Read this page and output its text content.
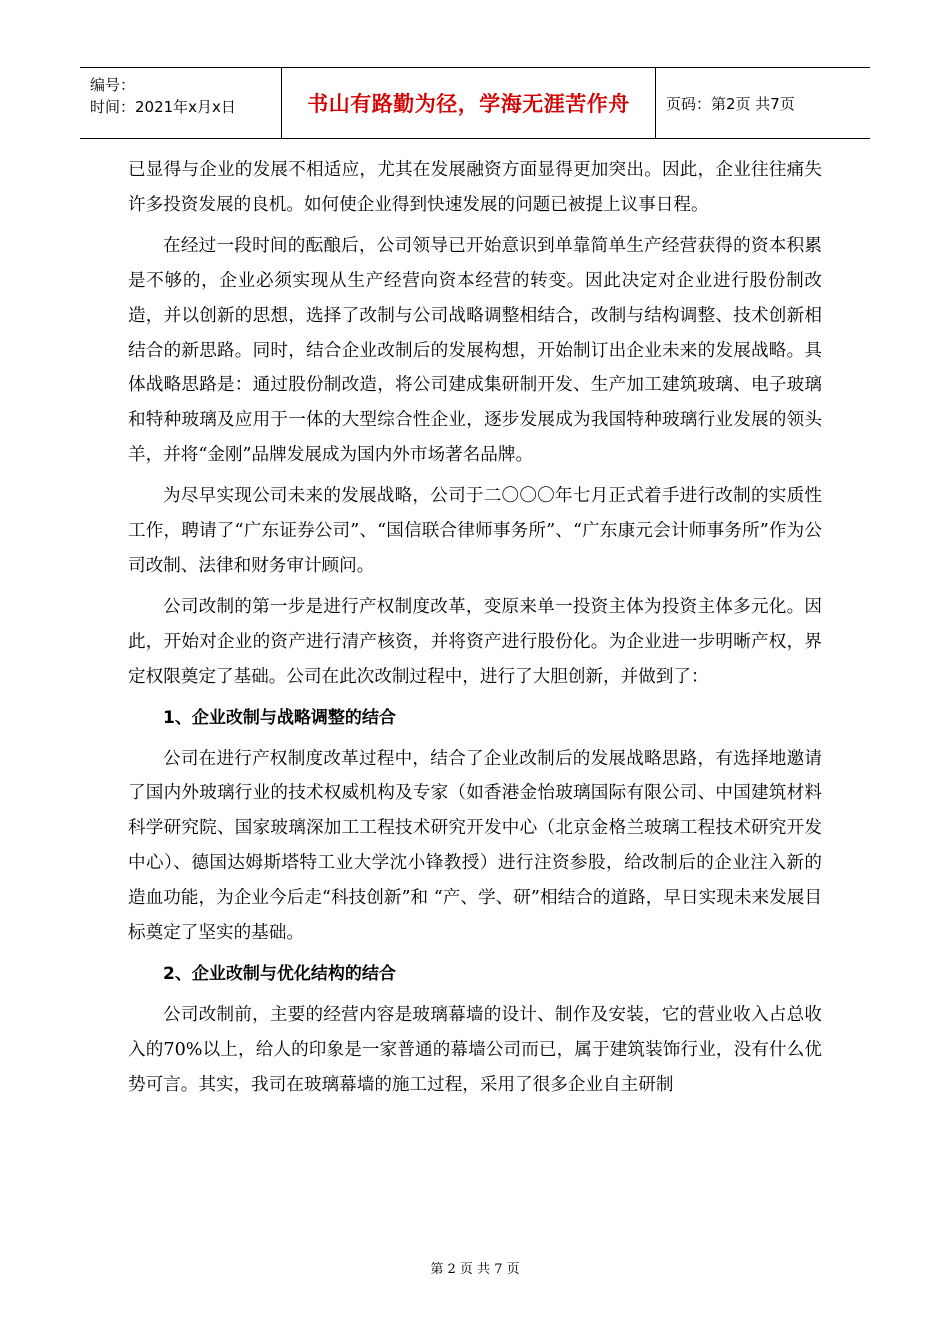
编号：
时间：2021年x月x日	书山有路勤为径，学海无涯苦作舟	页码：第2页 共7页

已显得与企业的发展不相适应，尤其在发展融资方面显得更加突出。因此，企业往往痛失许多投资发展的良机。如何使企业得到快速发展的问题已被提上议事日程。

在经过一段时间的酝酿后，公司领导已开始意识到单靠简单生产经营获得的资本积累是不够的，企业必须实现从生产经营向资本经营的转变。因此决定对企业进行股份制改造，并以创新的思想，选择了改制与公司战略调整相结合，改制与结构调整、技术创新相结合的新思路。同时，结合企业改制后的发展构想，开始制订出企业未来的发展战略。具体战略思路是：通过股份制改造，将公司建成集研制开发、生产加工建筑玻璃、电子玻璃和特种玻璃及应用于一体的大型综合性企业，逐步发展成为我国特种玻璃行业发展的领头羊，并将“金刚”品牌发展成为国内外市场著名品牌。

为尽早实现公司未来的发展战略，公司于二〇〇〇年七月正式着手进行改制的实质性工作，聘请了“广东证券公司”、“国信联合律师事务所”、“广东康元会计师事务所”作为公司改制、法律和财务审计顾问。

公司改制的第一步是进行产权制度改革，变原来单一投资主体为投资主体多元化。因此，开始对企业的资产进行清产核资，并将资产进行股份化。为企业进一步明晰产权，界定权限奠定了基础。公司在此次改制过程中，进行了大胆创新，并做到了：

1、企业改制与战略调整的结合

公司在进行产权制度改革过程中，结合了企业改制后的发展战略思路，有选择地邀请了国内外玻璃行业的技术权威机构及专家（如香港金怡玻璃国际有限公司、中国建筑材料科学研究院、国家玻璃深加工工程技术研究开发中心（北京金格兰玻璃工程技术研究开发中心）、德国达姆斯塔特工业大学沈小锋教授）进行注资参股，给改制后的企业注入新的造血功能，为企业今后走“科技创新”和 “产、学、研”相结合的道路，早日实现未来发展目标奠定了坚实的基础。

2、企业改制与优化结构的结合

公司改制前，主要的经营内容是玻璃幕墙的设计、制作及安装，它的营业收入占总收入的70%以上，给人的印象是一家普通的幕墙公司而已，属于建筑装饰行业，没有什么优势可言。其实，我司在玻璃幕墙的施工过程，采用了很多企业自主研制

第 2 页 共 7 页
